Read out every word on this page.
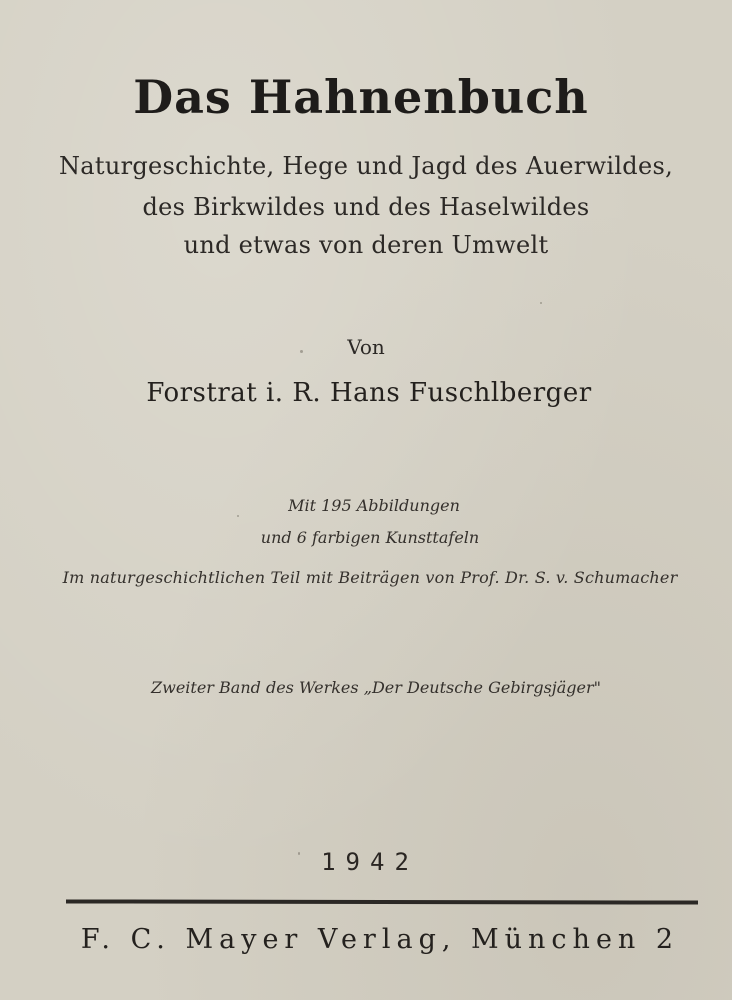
Das Hahnenbuch
Naturgeschichte, Hege und Jagd des Auerwildes,
des Birkwildes und des Haselwildes
und etwas von deren Umwelt
Von
Forstrat i. R. Hans Fuschlberger
Mit 195 Abbildungen
und 6 farbigen Kunsttafeln
Im naturgeschichtlichen Teil mit Beiträgen von Prof. Dr. S. v. Schumacher
Zweiter Band des Werkes „Der Deutsche Gebirgsjäger"
1942
F. C. Mayer Verlag, München 2
